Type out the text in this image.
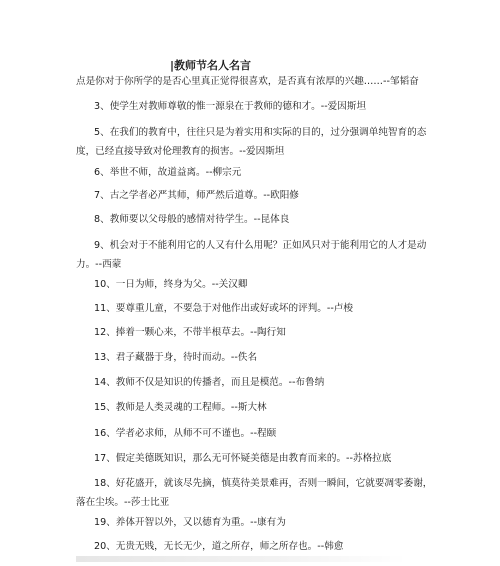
|教师节名人名言
点是你对于你所学的是否心里真正觉得很喜欢，是否真有浓厚的兴趣……--邹韬奋
3、使学生对教师尊敬的惟一源泉在于教师的德和才。--爱因斯坦
5、在我们的教育中，往往只是为着实用和实际的目的，过分强调单纯智育的态度，已经直接导致对伦理教育的损害。--爱因斯坦
6、举世不师，故道益离。--柳宗元
7、古之学者必严其师，师严然后道尊。--欧阳修
8、教师要以父母般的感情对待学生。--昆体良
9、机会对于不能利用它的人又有什么用呢？正如风只对于能利用它的人才是动力。--西蒙
10、一日为师，终身为父。--关汉卿
11、要尊重儿童，不要急于对他作出或好或坏的评判。--卢梭
12、捧着一颗心来，不带半根草去。--陶行知
13、君子藏器于身，待时而动。--佚名
14、教师不仅是知识的传播者，而且是模范。--布鲁纳
15、教师是人类灵魂的工程师。--斯大林
16、学者必求师，从师不可不谨也。--程颐
17、假定美德既知识，那么无可怀疑美德是由教育而来的。--苏格拉底
18、好花盛开，就该尽先摘，慎莫待美景难再，否则一瞬间，它就要凋零萎谢，落在尘埃。--莎士比亚
19、养体开智以外，又以德育为重。--康有为
20、无贵无贱，无长无少，道之所存，师之所存也。--韩愈
